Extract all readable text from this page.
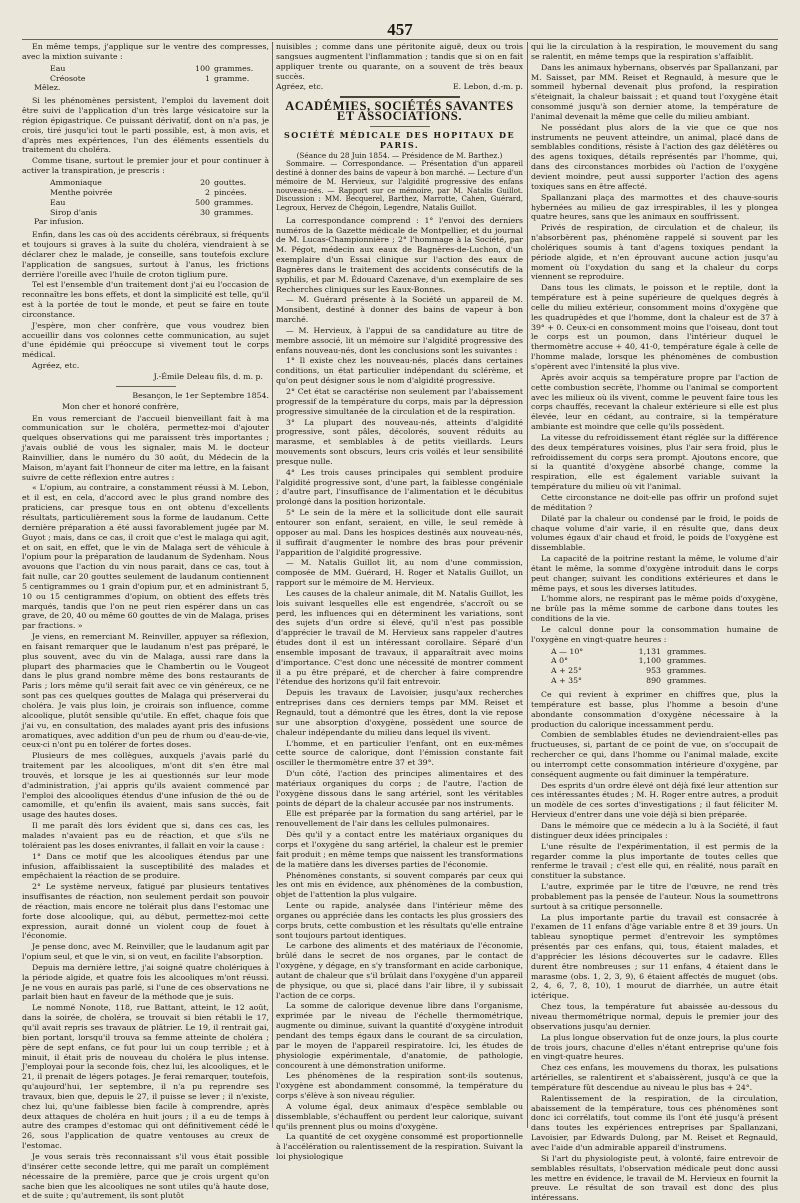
457

En même temps, j'applique sur le ventre des compresses, avec la mixtion suivante :

Eau	100 grammes.
Créosote	1 gramme.
Mêlez.

Si les phénomènes persistent, l'emploi du lavement doit être suivi de l'application d'un très large vésicatoire sur la région épigastrique. Ce puissant dérivatif, dont on n'a pas, je crois, tiré jusqu'ici tout le parti possible, est, à mon avis, et d'après mes expériences, l'un des éléments essentiels du traitement du choléra.

Comme tisane, surtout le premier jour et pour continuer à activer la transpiration, je prescris :

Ammoniaque	20 gouttes.
Menthe poivrée	2 pincées.
Eau	500 grammes.
Sirop d'anis	30 grammes.
Par infusion.

Enfin, dans les cas où des accidents cérébraux, si fréquents et toujours si graves à la suite du choléra, viendraient à se déclarer chez le malade, je conseille, sans toutefois exclure l'application de sangsues, surtout à l'anus, les frictions derrière l'oreille avec l'huile de croton tiglium pure.

Tel est l'ensemble d'un traitement dont j'ai eu l'occasion de reconnaître les bons effets, et dont la simplicité est telle, qu'il est à la portée de tout le monde, et peut se faire en toute circonstance.

J'espère, mon cher confrère, que vous voudrez bien accueillir dans vos colonnes cette communication, au sujet d'une épidémie qui préoccupe si vivement tout le corps médical.

Agréez, etc.

J.-Émile Deleau fils, d. m. p.

Besançon, le 1er Septembre 1854.

Mon cher et honoré confrère,

En vous remerciant de l'accueil bienveillant fait à ma communication sur le choléra, permettez-moi d'ajouter quelques observations qui me paraissent très importantes ; j'avais oublié de vous les signaler, mais M. le docteur Rainvillier, dans le numéro du 30 août, du Médecin de la Maison, m'ayant fait l'honneur de citer ma lettre, en la faisant suivre de cette réflexion entre autres :

« L'opium, au contraire, a constamment réussi à M. Lebon, et il est, en cela, d'accord avec le plus grand nombre des praticiens, car presque tous en ont obtenu d'excellents résultats, particulièrement sous la forme de laudanum. Cette dernière préparation a été aussi favorablement jugée par M. Guyot ; mais, dans ce cas, il croit que c'est le malaga qui agit, et on sait, en effet, que le vin de Malaga sert de véhicule à l'opium pour la préparation de laudanum de Sydenham. Nous avouons que l'action du vin nous parait, dans ce cas, tout à fait nulle, car 20 gouttes seulement de laudanum contiennent 5 centigrammes ou 1 grain d'opium pur, et en administrant 5, 10 ou 15 centigrammes d'opium, on obtient des effets très marqués, tandis que l'on ne peut rien espérer dans un cas grave, de 20, 40 ou même 60 gouttes de vin de Malaga, prises par fractions. »

Je viens, en remerciant M. Reinviller, appuyer sa réflexion, en faisant remarquer que le laudanum n'est pas préparé, le plus souvent, avec du vin de Malaga, aussi rare dans la plupart des pharmacies que le Chambertin ou le Vougeot dans le plus grand nombre même des bons restaurants de Paris ; lors même qu'il serait fait avec ce vin généreux, ce ne sont pas ces quelques gouttes de Malaga qui préserverai du choléra. Je vais plus loin, je croirais son influence, comme alcoolique, plutôt sensible qu'utile. En effet, chaque fois que j'ai vu, en consultation, des malades ayant pris des infusions aromatiques, avec addition d'un peu de rhum ou d'eau-de-vie, ceux-ci n'ont pu en tolérer de fortes doses.

Plusieurs de mes collègues, auxquels j'avais parlé du traitement par les alcooliques, m'ont dit s'en être mal trouvés, et lorsque je les ai questionnés sur leur mode d'administration, j'ai appris qu'ils avaient commencé par l'emploi des alcooliques étendus d'une infusion de thé ou de camomille, et qu'enfin ils avaient, mais sans succès, fait usage des hautes doses.

Il me paraît dès lors évident que si, dans ces cas, les malades n'avaient pas eu de réaction, et que s'ils ne toléraient pas les doses enivrantes, il fallait en voir la cause :

1° Dans ce motif que les alcooliques étendus par une infusion, affaiblissaient la susceptibilité des malades et empêchaient la réaction de se produire.

2° Le système nerveux, fatigué par plusieurs tentatives insuffisantes de réaction, non seulement perdait son pouvoir de réaction, mais encore ne tolérait plus dans l'estomac une forte dose alcoolique, qui, au début, permettez-moi cette expression, aurait donné un violent coup de fouet à l'économie.

Je pense donc, avec M. Reinviller, que le laudanum agit par l'opium seul, et que le vin, si on veut, en facilite l'absorption.

Depuis ma dernière lettre, j'ai soigné quatre cholériques à la période algide, et quatre fois les alcooliques m'ont réussi. Je ne vous en aurais pas parlé, si l'une de ces observations ne parlait bien haut en faveur de la méthode que je suis.

Le nommé Nonote, 118, rue Battant, atteint, le 12 août, dans la soirée, de choléra, se trouvait si bien rétabli le 17, qu'il avait repris ses travaux de plâtrier. Le 19, il rentrait gai, bien portant, lorsqu'il trouva sa femme atteinte de choléra ; père de sept enfans, ce fut pour lui un coup terrible ; et à minuit, il était pris de nouveau du choléra le plus intense. J'employai pour la seconde fois, chez lui, les alcooliques, et le 21, il prenait de légers potages. Je ferai remarquer, toutefois, qu'aujourd'hui, 1er septembre, il n'a pu reprendre ses travaux, bien que, depuis le 27, il puisse se lever ; il n'existe, chez lui, qu'une faiblesse bien facile à comprendre, après deux attaques de choléra en huit jours ; il a eu de temps à autre des crampes d'estomac qui ont définitivement cédé le 26, sous l'application de quatre ventouses au creux de l'estomac.

Je vous serais très reconnaissant s'il vous était possible d'insérer cette seconde lettre, qui me paraît un complément nécessaire de la première, parce que je crois urgent qu'on sache bien que les alcooliques ne sont utiles qu'à haute dose, et de suite ; qu'autrement, ils sont plutôt

nuisibles ; comme dans une péritonite aiguë, deux ou trois sangsues augmentent l'inflammation ; tandis que si on en fait appliquer trente ou quarante, on a souvent de très beaux succès.

Agréez, etc.	E. Lebon, d.-m. p.

ACADÉMIES, SOCIÉTÉS SAVANTES ET ASSOCIATIONS.
SOCIÉTÉ MÉDICALE DES HOPITAUX DE PARIS.
(Séance du 28 Juin 1854. — Présidence de M. Barthez.)

Sommaire. — Correspondance. — Présentation d'un appareil destiné à donner des bains de vapeur à bon marché. — Lecture d'un mémoire de M. Hervieux, sur l'algidité progressive des enfans nouveau-nés. — Rapport sur ce mémoire, par M. Natalis Guillot. Discussion : MM. Becquerel, Barthez, Marrotte, Cahen, Guérard, Legroux, Hervez de Chégoin, Legendre, Natalis Guillot.

La correspondance comprend : 1° l'envoi des derniers numéros de la Gazette médicale de Montpellier, et du journal de M. Lucas-Championnière ; 2° l'hommage à la Société, par M. Pégot, médecin aux eaux de Bagnères-de-Luchon, d'un exemplaire d'un Essai clinique sur l'action des eaux de Bagnères dans le traitement des accidents consécutifs de la syphilis, et par M. Édouard Cazenave, d'un exemplaire de ses Recherches cliniques sur les Eaux-Bonnes.

— M. Guérard présente à la Société un appareil de M. Monsibent, destiné à donner des bains de vapeur à bon marché.

— M. Hervieux, à l'appui de sa candidature au titre de membre associé, lit un mémoire sur l'algidité progressive des enfans nouveau-nés, dont les conclusions sont les suivantes :

1° Il existe chez les nouveau-nés, placés dans certaines conditions, un état particulier indépendant du sclérème, et qu'on peut désigner sous le nom d'algidité progressive.

2° Cet état se caractérise non seulement par l'abaissement progressif de la température du corps, mais par la dépression progressive simultanée de la circulation et de la respiration.

3° La plupart des nouveau-nés, atteints d'algidité progressive, sont pâles, décolorés, souvent réduits au marasme, et semblables à de petits vieillards. Leurs mouvements sont obscurs, leurs cris voilés et leur sensibilité presque nulle.

4° Les trois causes principales qui semblent produire l'algidité progressive sont, d'une part, la faiblesse congéniale ; d'autre part, l'insuffisance de l'alimentation et le décubitus prolongé dans la position horizontale.

5° Le sein de la mère et la sollicitude dont elle saurait entourer son enfant, seraient, en ville, le seul remède à opposer au mal. Dans les hospices destinés aux nouveau-nés, il suffirait d'augmenter le nombre des bras pour prévenir l'apparition de l'algidité progressive.

— M. Natalis Guillot lit, au nom d'une commission, composée de MM. Guérard, H. Roger et Natalis Guillot, un rapport sur le mémoire de M. Hervieux.

Les causes de la chaleur animale, dit M. Natalis Guillot, les lois suivant lesquelles elle est engendrée, s'accroît ou se perd, les influences qui en déterminent les variations, sont des sujets d'un ordre si élevé, qu'il n'est pas possible d'apprécier le travail de M. Hervieux sans rappeler d'autres études dont il est un intéressant corollaire. Séparé d'un ensemble imposant de travaux, il apparaîtrait avec moins d'importance. C'est donc une nécessité de montrer comment il a pu être préparé, et de chercher à faire comprendre l'étendue des horizons qu'il fait entrevoir.

Depuis les travaux de Lavoisier, jusqu'aux recherches entreprises dans ces derniers temps par MM. Reiset et Regnauld, tout a démontré que les êtres, dont la vie repose sur une absorption d'oxygène, possèdent une source de chaleur indépendante du milieu dans lequel ils vivent.

L'homme, et en particulier l'enfant, ont en eux-mêmes cette source de calorique, dont l'émission constante fait osciller le thermomètre entre 37 et 39°.

D'un côté, l'action des principes alimentaires et des matériaux organiques du corps ; de l'autre, l'action de l'oxygène dissous dans le sang artériel, sont les véritables points de départ de la chaleur accusée par nos instruments.

Elle est préparée par la formation du sang artériel, par le renouvellement de l'air dans les cellules pulmonaires.

Dès qu'il y a contact entre les matériaux organiques du corps et l'oxygène du sang artériel, la chaleur est le premier fait produit ; en même temps que naissent les transformations de la matière dans les diverses parties de l'économie.

Phénomènes constants, si souvent comparés par ceux qui les ont mis en évidence, aux phénomènes de la combustion, objet de l'attention la plus vulgaire.

Lente ou rapide, analysée dans l'intérieur même des organes ou appréciée dans les contacts les plus grossiers des corps bruts, cette combustion et les résultats qu'elle entraîne sont toujours partout identiques.

Le carbone des aliments et des matériaux de l'économie, brûlé dans le secret de nos organes, par le contact de l'oxygène, y dégage, en s'y transformant en acide carbonique, autant de chaleur que s'il brûlait dans l'oxygène d'un appareil de physique, ou que si, placé dans l'air libre, il y subissait l'action de ce corps.

La somme de calorique devenue libre dans l'organisme, exprimée par le niveau de l'échelle thermométrique, augmente ou diminue, suivant la quantité d'oxygène introduit pendant des temps égaux dans le courant de sa circulation, par le moyen de l'appareil respiratoire. Ici, les études de physiologie expérimentale, d'anatomie, de pathologie, concourent à une démonstration uniforme.

Les phénomènes de la respiration sont-ils soutenus, l'oxygène est abondamment consommé, la température du corps s'élève à son niveau régulier.

A volume égal, deux animaux d'espèce semblable ou dissemblable, s'échauffent ou perdent leur calorique, suivant qu'ils prennent plus ou moins d'oxygène.

La quantité de cet oxygène consommé est proportionnelle à l'accélération ou ralentissement de la respiration. Suivant la loi physiologique

qui lie la circulation à la respiration, le mouvement du sang se ralentit, en même temps que la respiration s'affaiblit.

Dans les animaux hybernans, observés par Spallanzani, par M. Saisset, par MM. Reiset et Regnauld, à mesure que le sommeil hybernal devenait plus profond, la respiration s'éteignait, la chaleur baissait ; et quand tout l'oxygène était consommé jusqu'à son dernier atome, la température de l'animal devenait la même que celle du milieu ambiant.

Ne possédant plus alors de la vie que ce que nos instruments ne peuvent atteindre, un animal, placé dans de semblables conditions, résiste à l'action des gaz délétères ou des agens toxiques, détails représentés par l'homme, qui, dans des circonstances morbides où l'action de l'oxygène devient moindre, peut aussi supporter l'action des agens toxiques sans en être affecté.

Spallanzani plaça des marmottes et des chauve-souris hybernées au milieu de gaz irrespirables, il les y plongea quatre heures, sans que les animaux en souffrissent.

Privés de respiration, de circulation et de chaleur, ils n'absorbèrent pas, phénomène rappelé si souvent par les cholériques soumis à tant d'agens toxiques pendant la période algide, et n'en éprouvant aucune action jusqu'au moment où l'oxydation du sang et la chaleur du corps viennent se reproduire.

Dans tous les climats, le poisson et le reptile, dont la température est à peine supérieure de quelques degrés à celle du milieu extérieur, consomment moins d'oxygène que les quadrupèdes et que l'homme, dont la chaleur est de 37 à 39° + 0. Ceux-ci en consomment moins que l'oiseau, dont tout le corps est un poumon, dans l'intérieur duquel le thermomètre accuse + 40, 41-0, température égale à celle de l'homme malade, lorsque les phénomènes de combustion s'opèrent avec l'intensité la plus vive.

Après avoir acquis sa température propre par l'action de cette combustion secrète, l'homme ou l'animal se comportent avec les milieux où ils vivent, comme le peuvent faire tous les corps chauffés, recevant la chaleur extérieure si elle est plus élevée, leur en cédant, au contraire, si la température ambiante est moindre que celle qu'ils possèdent.

La vitesse du refroidissement étant réglée sur la différence des deux températures voisines, plus l'air sera froid, plus le refroidissement du corps sera prompt. Ajoutons encore, que si la quantité d'oxygène absorbé change, comme la respiration, elle est également variable suivant la température du milieu où vit l'animal.

Cette circonstance ne doit-elle pas offrir un profond sujet de méditation ?

Dilaté par la chaleur ou condensé par le froid, le poids de chaque volume d'air varie, il en résulte que, dans deux volumes égaux d'air chaud et froid, le poids de l'oxygène est dissemblable.

La capacité de la poitrine restant la même, le volume d'air étant le même, la somme d'oxygène introduit dans le corps peut changer, suivant les conditions extérieures et dans le même pays, et sous les diverses latitudes.

L'homme alors, ne respirant pas le même poids d'oxygène, ne brûle pas la même somme de carbone dans toutes les conditions de la vie.

Le calcul donne pour la consommation humaine de l'oxygène en vingt-quatre heures :

A — 10°	1,131 grammes.
A 0°	1,100 grammes.
A + 25°	953 grammes.
A + 35°	890 grammes.

Ce qui revient à exprimer en chiffres que, plus la température est basse, plus l'homme a besoin d'une abondante consommation d'oxygène nécessaire à la production du calorique incessamment perdu.

Combien de semblables études ne deviendraient-elles pas fructueuses, si, partant de ce point de vue, on s'occupait de rechercher ce qui, dans l'homme ou l'animal malade, excite ou interrompt cette consommation intérieure d'oxygène, par conséquent augmente ou fait diminuer la température.

Des esprits d'un ordre élevé ont déjà fixé leur attention sur ces intéressantes études ; M. H. Roger entre autres, a produit un modèle de ces sortes d'investigations ; il faut féliciter M. Hervieux d'entrer dans une voie déjà si bien préparée.

Dans le mémoire que ce médecin a lu à la Société, il faut distinguer deux idées principales :

L'une résulte de l'expérimentation, il est permis de la regarder comme la plus importante de toutes celles que renferme le travail ; c'est elle qui, en réalité, nous paraît en constituer la substance.

L'autre, exprimée par le titre de l'œuvre, ne rend très probablement pas la pensée de l'auteur. Nous la soumettrons surtout à sa critique personnelle.

La plus importante partie du travail est consacrée à l'examen de 11 enfans d'âge variable entre 8 et 39 jours. Un tableau synoptique permet d'entrevoir les symptômes présentés par ces enfans, qui, tous, étaient malades, et d'apprécier les lésions découvertes sur le cadavre. Elles durent être nombreuses ; sur 11 enfans, 4 étaient dans le marasme (obs. 1, 2, 3, 9), 6 étaient affectés de muguet (obs. 2, 4, 6, 7, 8, 10), 1 mourut de diarrhée, un autre était ictérique.

Chez tous, la température fut abaissée au-dessous du niveau thermométrique normal, depuis le premier jour des observations jusqu'au dernier.

La plus longue observation fut de onze jours, la plus courte de trois jours, chacune d'elles n'étant entreprise qu'une fois en vingt-quatre heures.

Chez ces enfans, les mouvemens du thorax, les pulsations artérielles, se ralentirent et s'abaissèrent, jusqu'à ce que la température fût descendue au niveau le plus bas + 24°.

Ralentissement de la respiration, de la circulation, abaissement de la température, tous ces phénomènes sont donc ici corrélatifs, tout comme ils l'ont été jusqu'à présent dans toutes les expériences entreprises par Spallanzani, Lavoisier, par Edwards Dulong, par M. Reiset et Regnauld, avec l'aide d'un admirable appareil d'instrumens.

Si l'art du physiologiste peut, à volonté, faire entrevoir de semblables résultats, l'observation médicale peut donc aussi les mettre en évidence, le travail de M. Hervieux en fournit la preuve. Le résultat de son travail est donc des plus intéressans.
